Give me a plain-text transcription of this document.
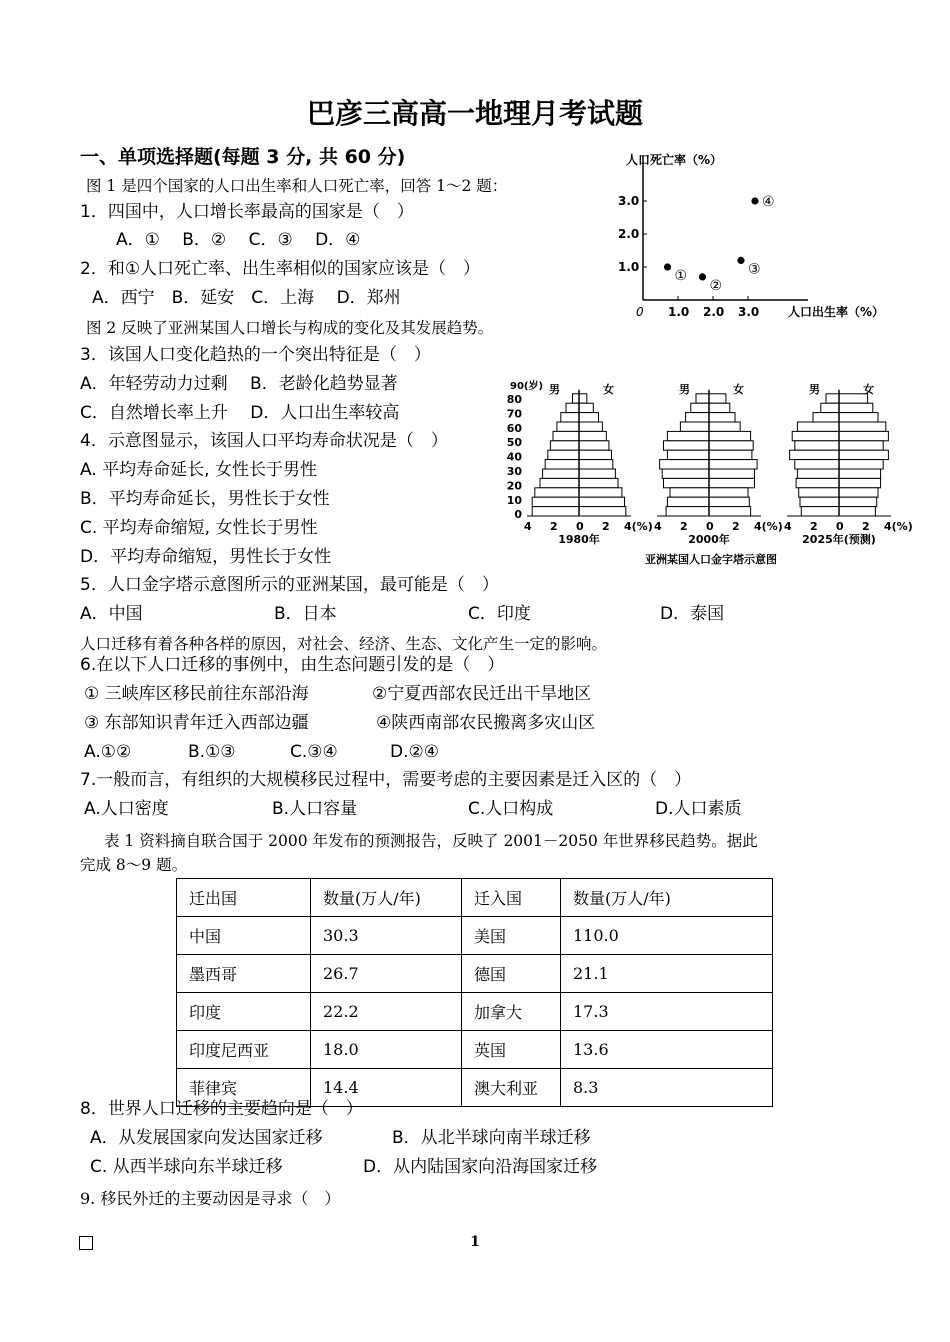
巴彦三高高一地理月考试题
一、单项选择题(每题 3 分, 共 60 分)
图 1 是四个国家的人口出生率和人口死亡率，回答 1～2 题：
1．四国中，人口增长率最高的国家是（　）
A．①　 B．②　 C．③　 D．④
2．和①人口死亡率、出生率相似的国家应该是（　）
A．西宁　B．延安　C．上海　 D．郑州
图 2 反映了亚洲某国人口增长与构成的变化及其发展趋势。
3．该国人口变化趋热的一个突出特征是（　）
A．年轻劳动力过剩　 B．老龄化趋势显著
C．自然增长率上升　 D．人口出生率较高
4．示意图显示，该国人口平均寿命状况是（　）
A. 平均寿命延长, 女性长于男性
B．平均寿命延长，男性长于女性
C. 平均寿命缩短, 女性长于男性
D．平均寿命缩短，男性长于女性
5．人口金字塔示意图所示的亚洲某国，最可能是（　）
A．中国	B．日本	C．印度	D．泰国
人口迁移有着各种各样的原因，对社会、经济、生态、文化产生一定的影响。
6.在以下人口迁移的事例中，由生态问题引发的是（　）
① 三峡库区移民前往东部沿海	②宁夏西部农民迁出干旱地区
③ 东部知识青年迁入西部边疆	④陕西南部农民搬离多灾山区
A.①②	B.①③	C.③④	D.②④
7.一般而言，有组织的大规模移民过程中，需要考虑的主要因素是迁入区的（　）
A.人口密度	B.人口容量	C.人口构成	D.人口素质
表 1 资料摘自联合国于 2000 年发布的预测报告，反映了 2001－2050 年世界移民趋势。据此
完成 8～9 题。
迁出国	数量(万人/年)	迁入国	数量(万人/年)
中国	30.3	美国	110.0
墨西哥	26.7	德国	21.1
印度	22.2	加拿大	17.3
印度尼西亚	18.0	英国	13.6
菲律宾	14.4	澳大利亚	8.3
8．世界人口迁移的主要趋向是（　）
A．从发展国家向发达国家迁移	B．从北半球向南半球迁移
C. 从西半球向东半球迁移	D．从内陆国家向沿海国家迁移
9. 移民外迁的主要动因是寻求（　）
1
人口死亡率（%）
人口出生率（%）
0
1.0
2.0
3.0
1.0 2.0 3.0
①
②
③
④
男	女
4 2 0 2 4(%)
1980年
男	女
4 2 0 2 4(%)
2000年
男	女
4 2 0 2 4(%)
2025年(预测)
90(岁)
80
70
60
50
40
30
20
10
0
亚洲某国人口金字塔示意图
